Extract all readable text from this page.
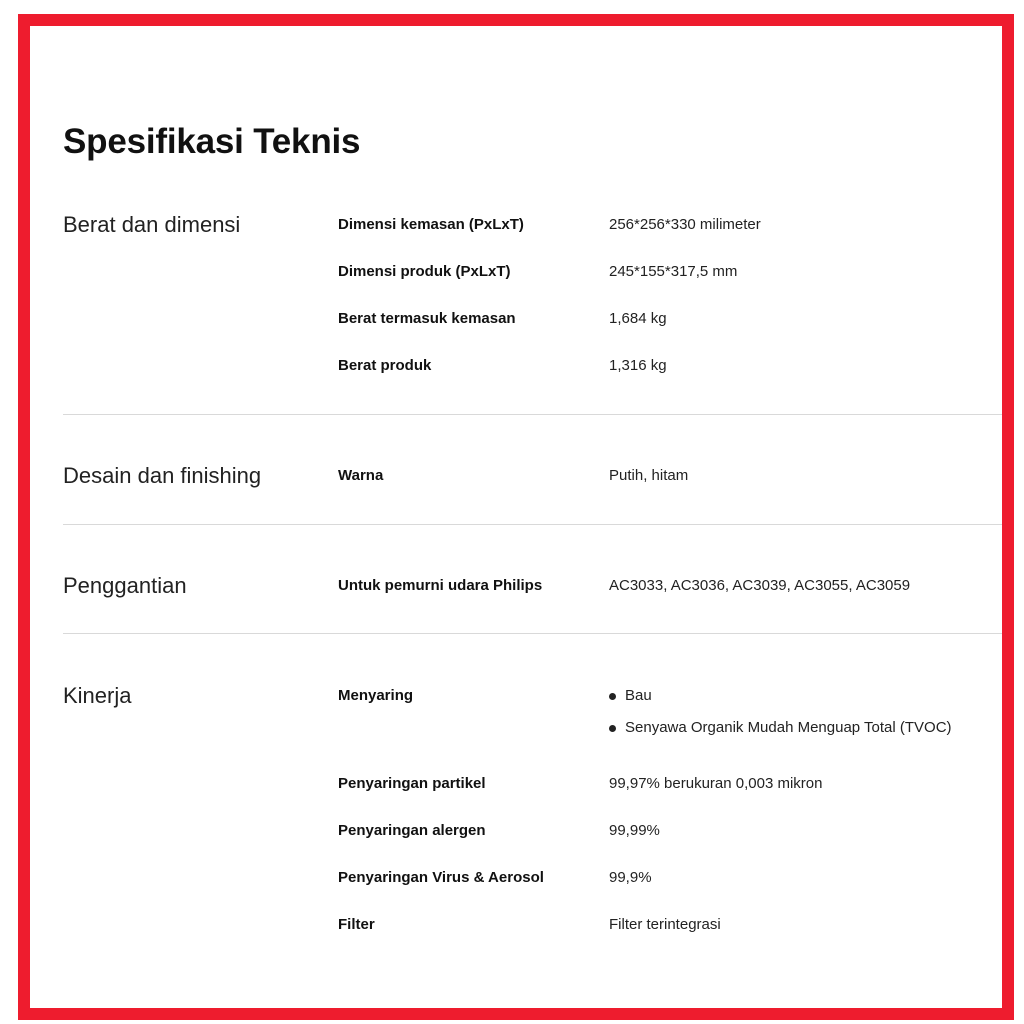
Spesifikasi Teknis
Berat dan dimensi	Dimensi kemasan (PxLxT)	256*256*330 milimeter
Dimensi produk (PxLxT)	245*155*317,5 mm
Berat termasuk kemasan	1,684 kg
Berat produk	1,316 kg
Desain dan finishing	Warna	Putih, hitam
Penggantian	Untuk pemurni udara Philips	AC3033, AC3036, AC3039, AC3055, AC3059
Kinerja	Menyaring	Bau
Senyawa Organik Mudah Menguap Total (TVOC)
Penyaringan partikel	99,97% berukuran 0,003 mikron
Penyaringan alergen	99,99%
Penyaringan Virus & Aerosol	99,9%
Filter	Filter terintegrasi
